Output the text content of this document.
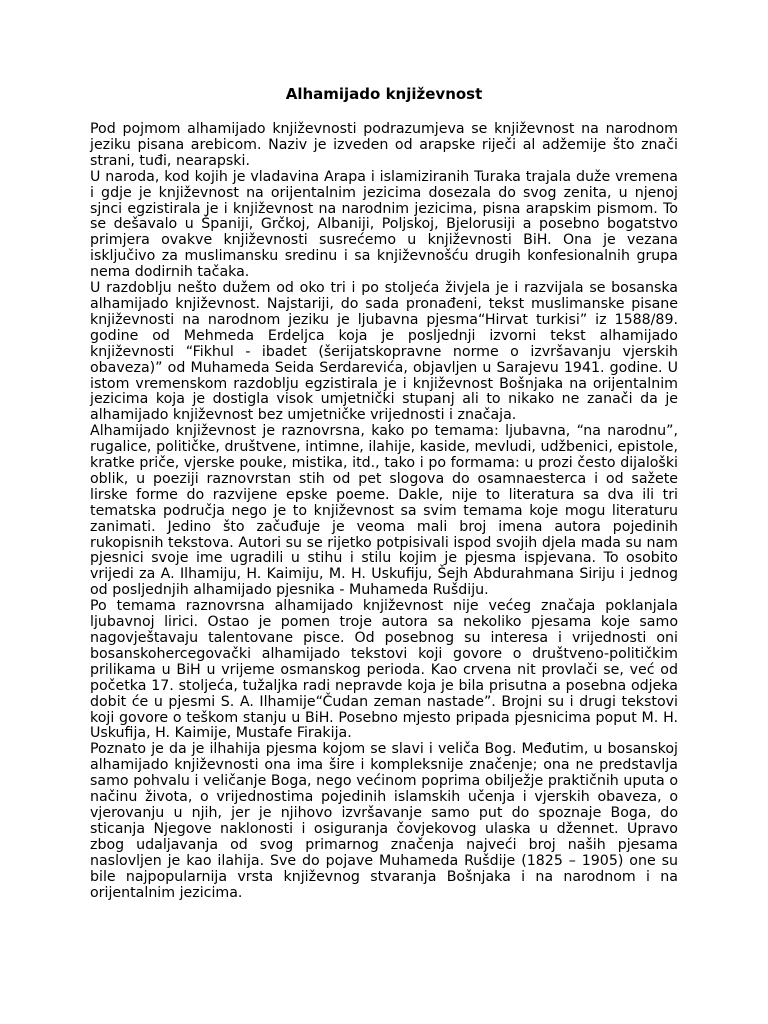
Alhamijado književnost

Pod pojmom alhamijado književnosti podrazumjeva se književnost na narodnom jeziku pisana arebicom. Naziv je izveden od arapske riječi al adžemije što znači strani, tuđi, nearapski.

U naroda, kod kojih je vladavina Arapa i islamiziranih Turaka trajala duže vremena i gdje je književnost na orijentalnim jezicima dosezala do svog zenita, u njenoj sjnci egzistirala je i književnost na narodnim jezicima, pisna arapskim pismom. To se dešavalo u Španiji, Grčkoj, Albaniji, Poljskoj, Bjelorusiji a posebno bogatstvo primjera ovakve književnosti susrećemo u književnosti BiH. Ona je vezana isključivo za muslimansku sredinu i sa književnošću drugih konfesionalnih grupa nema dodirnih tačaka.

U razdoblju nešto dužem od oko tri i po stoljeća živjela je i razvijala se bosanska alhamijado književnost. Najstariji, do sada pronađeni, tekst muslimanske pisane književnosti na narodnom jeziku je ljubavna pjesma“Hirvat turkisi” iz 1588/89. godine od Mehmeda Erdeljca koja je posljednji izvorni tekst alhamijado književnosti “Fikhul - ibadet (šerijatskopravne norme o izvršavanju vjerskih obaveza)” od Muhameda Seida Serdarevića, objavljen u Sarajevu 1941. godine. U istom vremenskom razdoblju egzistirala je i književnost Bošnjaka na orijentalnim jezicima koja je dostigla visok umjetnički stupanj ali to nikako ne zanači da je alhamijado književnost bez umjetničke vrijednosti i značaja.

Alhamijado književnost je raznovrsna, kako po temama: ljubavna, “na narodnu”, rugalice, političke, društvene, intimne, ilahije, kaside, mevludi, udžbenici, epistole, kratke priče, vjerske pouke, mistika, itd., tako i po formama: u prozi često dijaloški oblik, u poeziji raznovrstan stih od pet slogova do osamnaesterca i od sažete lirske forme do razvijene epske poeme. Dakle, nije to literatura sa dva ili tri tematska područja nego je to književnost sa svim temama koje mogu literaturu zanimati. Jedino što začuđuje je veoma mali broj imena autora pojedinih rukopisnih tekstova. Autori su se rijetko potpisivali ispod svojih djela mada su nam pjesnici svoje ime ugradili u stihu i stilu kojim je pjesma ispjevana. To osobito vrijedi za A. Ilhamiju, H. Kaimiju, M. H. Uskufiju, Šejh Abdurahmana Siriju i jednog od posljednjih alhamijado pjesnika - Muhameda Rušdiju.

Po temama raznovrsna alhamijado književnost nije većeg značaja poklanjala ljubavnoj lirici. Ostao je pomen troje autora sa nekoliko pjesama koje samo nagovještavaju talentovane pisce. Od posebnog su interesa i vrijednosti oni bosanskohercegovački alhamijado tekstovi koji govore o društveno-političkim prilikama u BiH u vrijeme osmanskog perioda. Kao crvena nit provlači se, već od početka 17. stoljeća, tužaljka radi nepravde koja je bila prisutna a posebna odjeka dobit će u pjesmi S. A. Ilhamije“Čudan zeman nastade”. Brojni su i drugi tekstovi koji govore o teškom stanju u BiH. Posebno mjesto pripada pjesnicima poput M. H. Uskufija, H. Kaimije, Mustafe Firakija.

Poznato je da je ilhahija pjesma kojom se slavi i veliča Bog. Međutim, u bosanskoj alhamijado književnosti ona ima šire i kompleksnije značenje; ona ne predstavlja samo pohvalu i veličanje Boga, nego većinom poprima obilježje praktičnih uputa o načinu života, o vrijednostima pojedinih islamskih učenja i vjerskih obaveza, o vjerovanju u njih, jer je njihovo izvršavanje samo put do spoznaje Boga, do sticanja Njegove naklonosti i osiguranja čovjekovog ulaska u džennet. Upravo zbog udaljavanja od svog primarnog značenja najveći broj naših pjesama naslovljen je kao ilahija. Sve do pojave Muhameda Rušdije (1825 – 1905) one su bile najpopularnija vrsta književnog stvaranja Bošnjaka i na narodnom i na orijentalnim jezicima.
